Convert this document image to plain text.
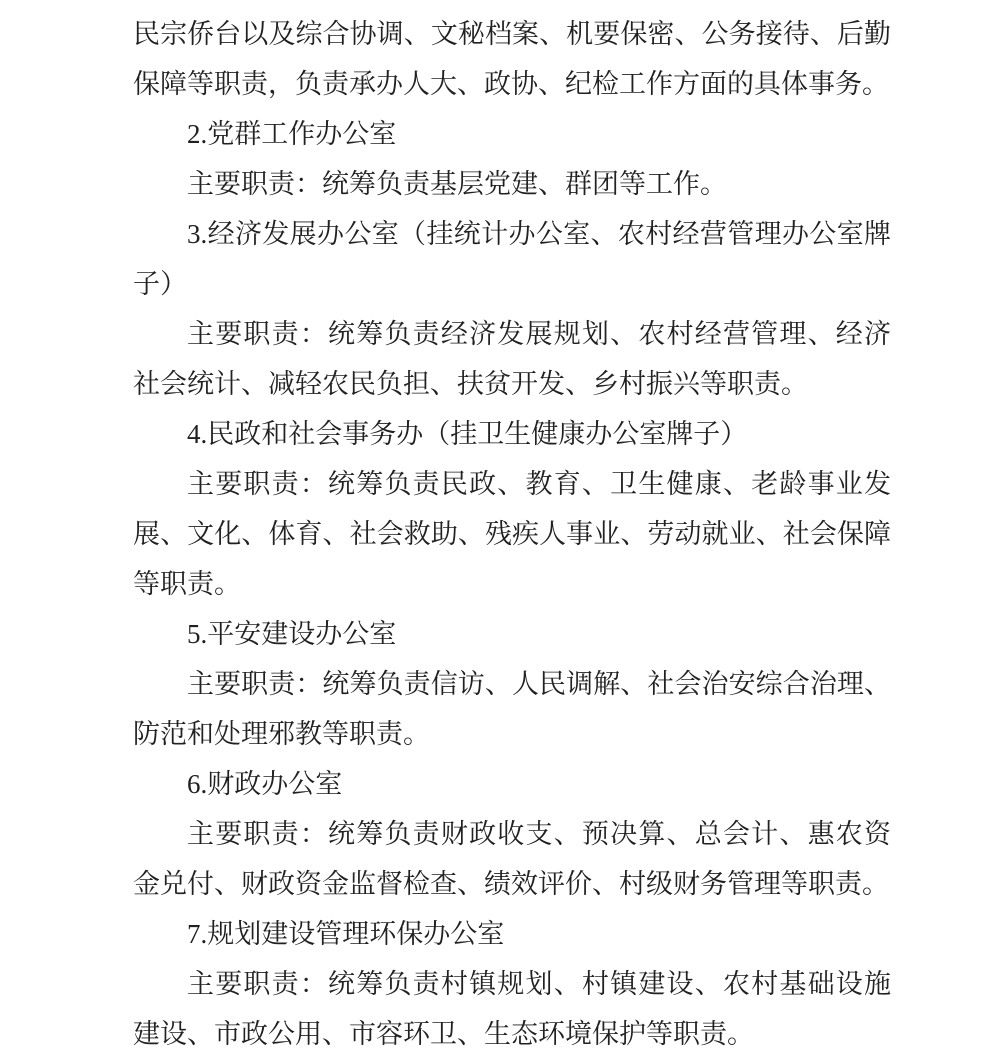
民宗侨台以及综合协调、文秘档案、机要保密、公务接待、后勤
保障等职责，负责承办人大、政协、纪检工作方面的具体事务。
2.党群工作办公室
主要职责：统筹负责基层党建、群团等工作。
3.经济发展办公室（挂统计办公室、农村经营管理办公室牌
子）
主要职责：统筹负责经济发展规划、农村经营管理、经济
社会统计、减轻农民负担、扶贫开发、乡村振兴等职责。
4.民政和社会事务办（挂卫生健康办公室牌子）
主要职责：统筹负责民政、教育、卫生健康、老龄事业发
展、文化、体育、社会救助、残疾人事业、劳动就业、社会保障
等职责。
5.平安建设办公室
主要职责：统筹负责信访、人民调解、社会治安综合治理、
防范和处理邪教等职责。
6.财政办公室
主要职责：统筹负责财政收支、预决算、总会计、惠农资
金兑付、财政资金监督检查、绩效评价、村级财务管理等职责。
7.规划建设管理环保办公室
主要职责：统筹负责村镇规划、村镇建设、农村基础设施
建设、市政公用、市容环卫、生态环境保护等职责。
